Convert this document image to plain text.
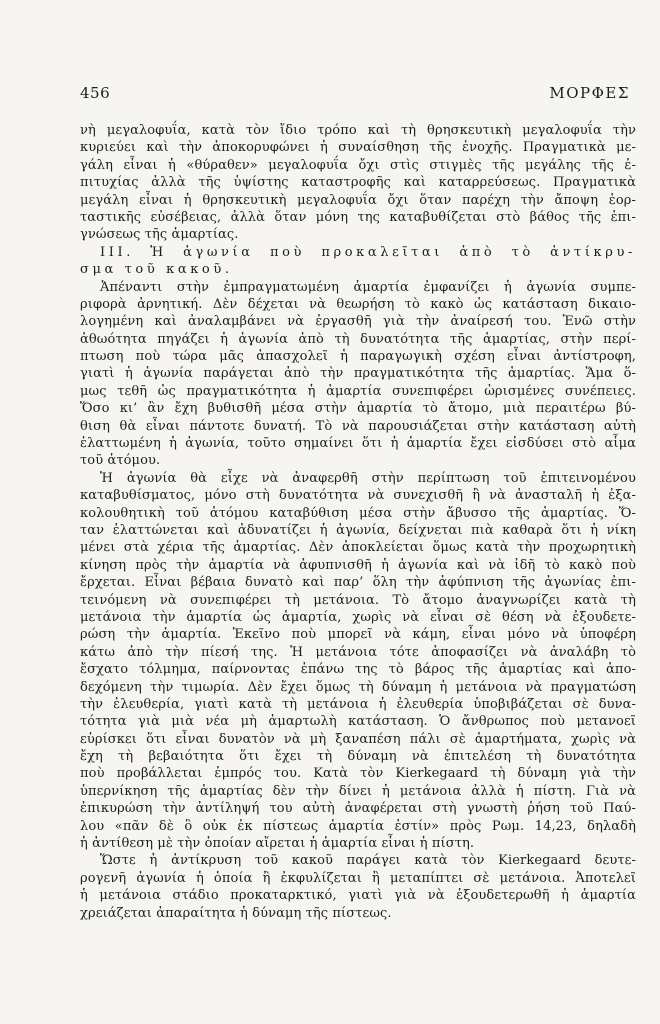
456	ΜΟΡΦΕΣ
νὴ μεγαλοφυΐα, κατὰ τὸν ἴδιο τρόπο καὶ τὴ θρησκευτικὴ μεγαλοφυΐα τὴν
κυριεύει καὶ τὴν ἀποκορυφώνει ἡ συναίσθηση τῆς ἐνοχῆς. Πραγματικὰ με-
γάλη εἶναι ἡ «θύραθεν» μεγαλοφυΐα ὄχι στὶς στιγμὲς τῆς μεγάλης τῆς ἐ-
πιτυχίας ἀλλὰ τῆς ὑψίστης καταστροφῆς καὶ καταρρεύσεως. Πραγματικὰ
μεγάλη εἶναι ἡ θρησκευτικὴ μεγαλοφυΐα ὄχι ὅταν παρέχη τὴν ἄποψη ἑορ-
ταστικῆς εὐσέβειας, ἀλλὰ ὅταν μόνη της καταβυθίζεται στὸ βάθος τῆς ἐπι-
γνώσεως τῆς ἁμαρτίας.
ΙΙΙ. Ἡ ἀγωνία ποὺ προκαλεῖται ἀπὸ τὸ ἀντίκρυ-
σμα τοῦ κακοῦ.
Ἀπέναντι στὴν ἐμπραγματωμένη ἁμαρτία ἐμφανίζει ἡ ἀγωνία συμπε-
ριφορὰ ἀρνητική. Δὲν δέχεται νὰ θεωρήση τὸ κακὸ ὡς κατάσταση δικαιο-
λογημένη καὶ ἀναλαμβάνει νὰ ἐργασθῆ γιὰ τὴν ἀναίρεσή του. Ἐνῶ στὴν
ἀθωότητα πηγάζει ἡ ἀγωνία ἀπὸ τὴ δυνατότητα τῆς ἁμαρτίας, στὴν περί-
πτωση ποὺ τώρα μᾶς ἀπασχολεῖ ἡ παραγωγικὴ σχέση εἶναι ἀντίστροφη,
γιατὶ ἡ ἀγωνία παράγεται ἀπὸ τὴν πραγματικότητα τῆς ἁμαρτίας. Ἅμα ὅ-
μως τεθῆ ὡς πραγματικότητα ἡ ἁμαρτία συνεπιφέρει ὡρισμένες συνέπειες.
Ὅσο κι’ ἂν ἔχη βυθισθῆ μέσα στὴν ἁμαρτία τὸ ἄτομο, μιὰ περαιτέρω βύ-
θιση θὰ εἶναι πάντοτε δυνατή. Τὸ νὰ παρουσιάζεται στὴν κατάσταση αὐτὴ
ἐλαττωμένη ἡ ἀγωνία, τοῦτο σημαίνει ὅτι ἡ ἁμαρτία ἔχει εἰσδύσει στὸ αἷμα
τοῦ ἀτόμου.
Ἡ ἀγωνία θὰ εἶχε νὰ ἀναφερθῆ στὴν περίπτωση τοῦ ἐπιτεινομένου
καταβυθίσματος, μόνο στὴ δυνατότητα νὰ συνεχισθῆ ἢ νὰ ἀνασταλῆ ἡ ἐξα-
κολουθητικὴ τοῦ ἀτόμου καταβύθιση μέσα στὴν ἄβυσσο τῆς ἁμαρτίας. Ὅ-
ταν ἐλαττώνεται καὶ ἀδυνατίζει ἡ ἀγωνία, δείχνεται πιὰ καθαρὰ ὅτι ἡ νίκη
μένει στὰ χέρια τῆς ἁμαρτίας. Δὲν ἀποκλείεται ὅμως κατὰ τὴν προχωρητικὴ
κίνηση πρὸς τὴν ἁμαρτία νὰ ἀφυπνισθῆ ἡ ἀγωνία καὶ νὰ ἰδῆ τὸ κακὸ ποὺ
ἔρχεται. Εἶναι βέβαια δυνατὸ καὶ παρ’ ὅλη τὴν ἀφύπνιση τῆς ἀγωνίας ἐπι-
τεινόμενη νὰ συνεπιφέρει τὴ μετάνοια. Τὸ ἄτομο ἀναγνωρίζει κατὰ τὴ
μετάνοια τὴν ἁμαρτία ὡς ἁμαρτία, χωρὶς νὰ εἶναι σὲ θέση νὰ ἐξουδετε-
ρώση τὴν ἁμαρτία. Ἐκεῖνο ποὺ μπορεῖ νὰ κάμη, εἶναι μόνο νὰ ὑποφέρη
κάτω ἀπὸ τὴν πίεσή της. Ἡ μετάνοια τότε ἀποφασίζει νὰ ἀναλάβη τὸ
ἔσχατο τόλμημα, παίρνοντας ἐπάνω της τὸ βάρος τῆς ἁμαρτίας καὶ ἀπο-
δεχόμενη τὴν τιμωρία. Δὲν ἔχει ὅμως τὴ δύναμη ἡ μετάνοια νὰ πραγματώση
τὴν ἐλευθερία, γιατὶ κατὰ τὴ μετάνοια ἡ ἐλευθερία ὑποβιβάζεται σὲ δυνα-
τότητα γιὰ μιὰ νέα μὴ ἁμαρτωλὴ κατάσταση. Ὁ ἄνθρωπος ποὺ μετανοεῖ
εὑρίσκει ὅτι εἶναι δυνατὸν νὰ μὴ ξαναπέση πάλι σὲ ἁμαρτήματα, χωρὶς νὰ
ἔχη τὴ βεβαιότητα ὅτι ἔχει τὴ δύναμη νὰ ἐπιτελέση τὴ δυνατότητα
ποὺ προβάλλεται ἐμπρός του. Κατὰ τὸν Kierkegaard τὴ δύναμη γιὰ τὴν
ὑπερνίκηση τῆς ἁμαρτίας δὲν τὴν δίνει ἡ μετάνοια ἀλλὰ ἡ πίστη. Γιὰ νὰ
ἐπικυρώση τὴν ἀντίληψή του αὐτὴ ἀναφέρεται στὴ γνωστὴ ῥήση τοῦ Παύ-
λου «πᾶν δὲ ὃ οὐκ ἐκ πίστεως ἁμαρτία ἐστίν» πρὸς Ρωμ. 14,23, δηλαδὴ
ἡ ἀντίθεση μὲ τὴν ὁποίαν αἴρεται ἡ ἁμαρτία εἶναι ἡ πίστη.
Ὥστε ἡ ἀντίκρυση τοῦ κακοῦ παράγει κατὰ τὸν Kierkegaard δευτε-
ρογενῆ ἀγωνία ἡ ὁποία ἢ ἐκφυλίζεται ἢ μεταπίπτει σὲ μετάνοια. Ἀποτελεῖ
ἡ μετάνοια στάδιο προκαταρκτικό, γιατὶ γιὰ νὰ ἐξουδετερωθῆ ἡ ἁμαρτία
χρειάζεται ἀπαραίτητα ἡ δύναμη τῆς πίστεως.
